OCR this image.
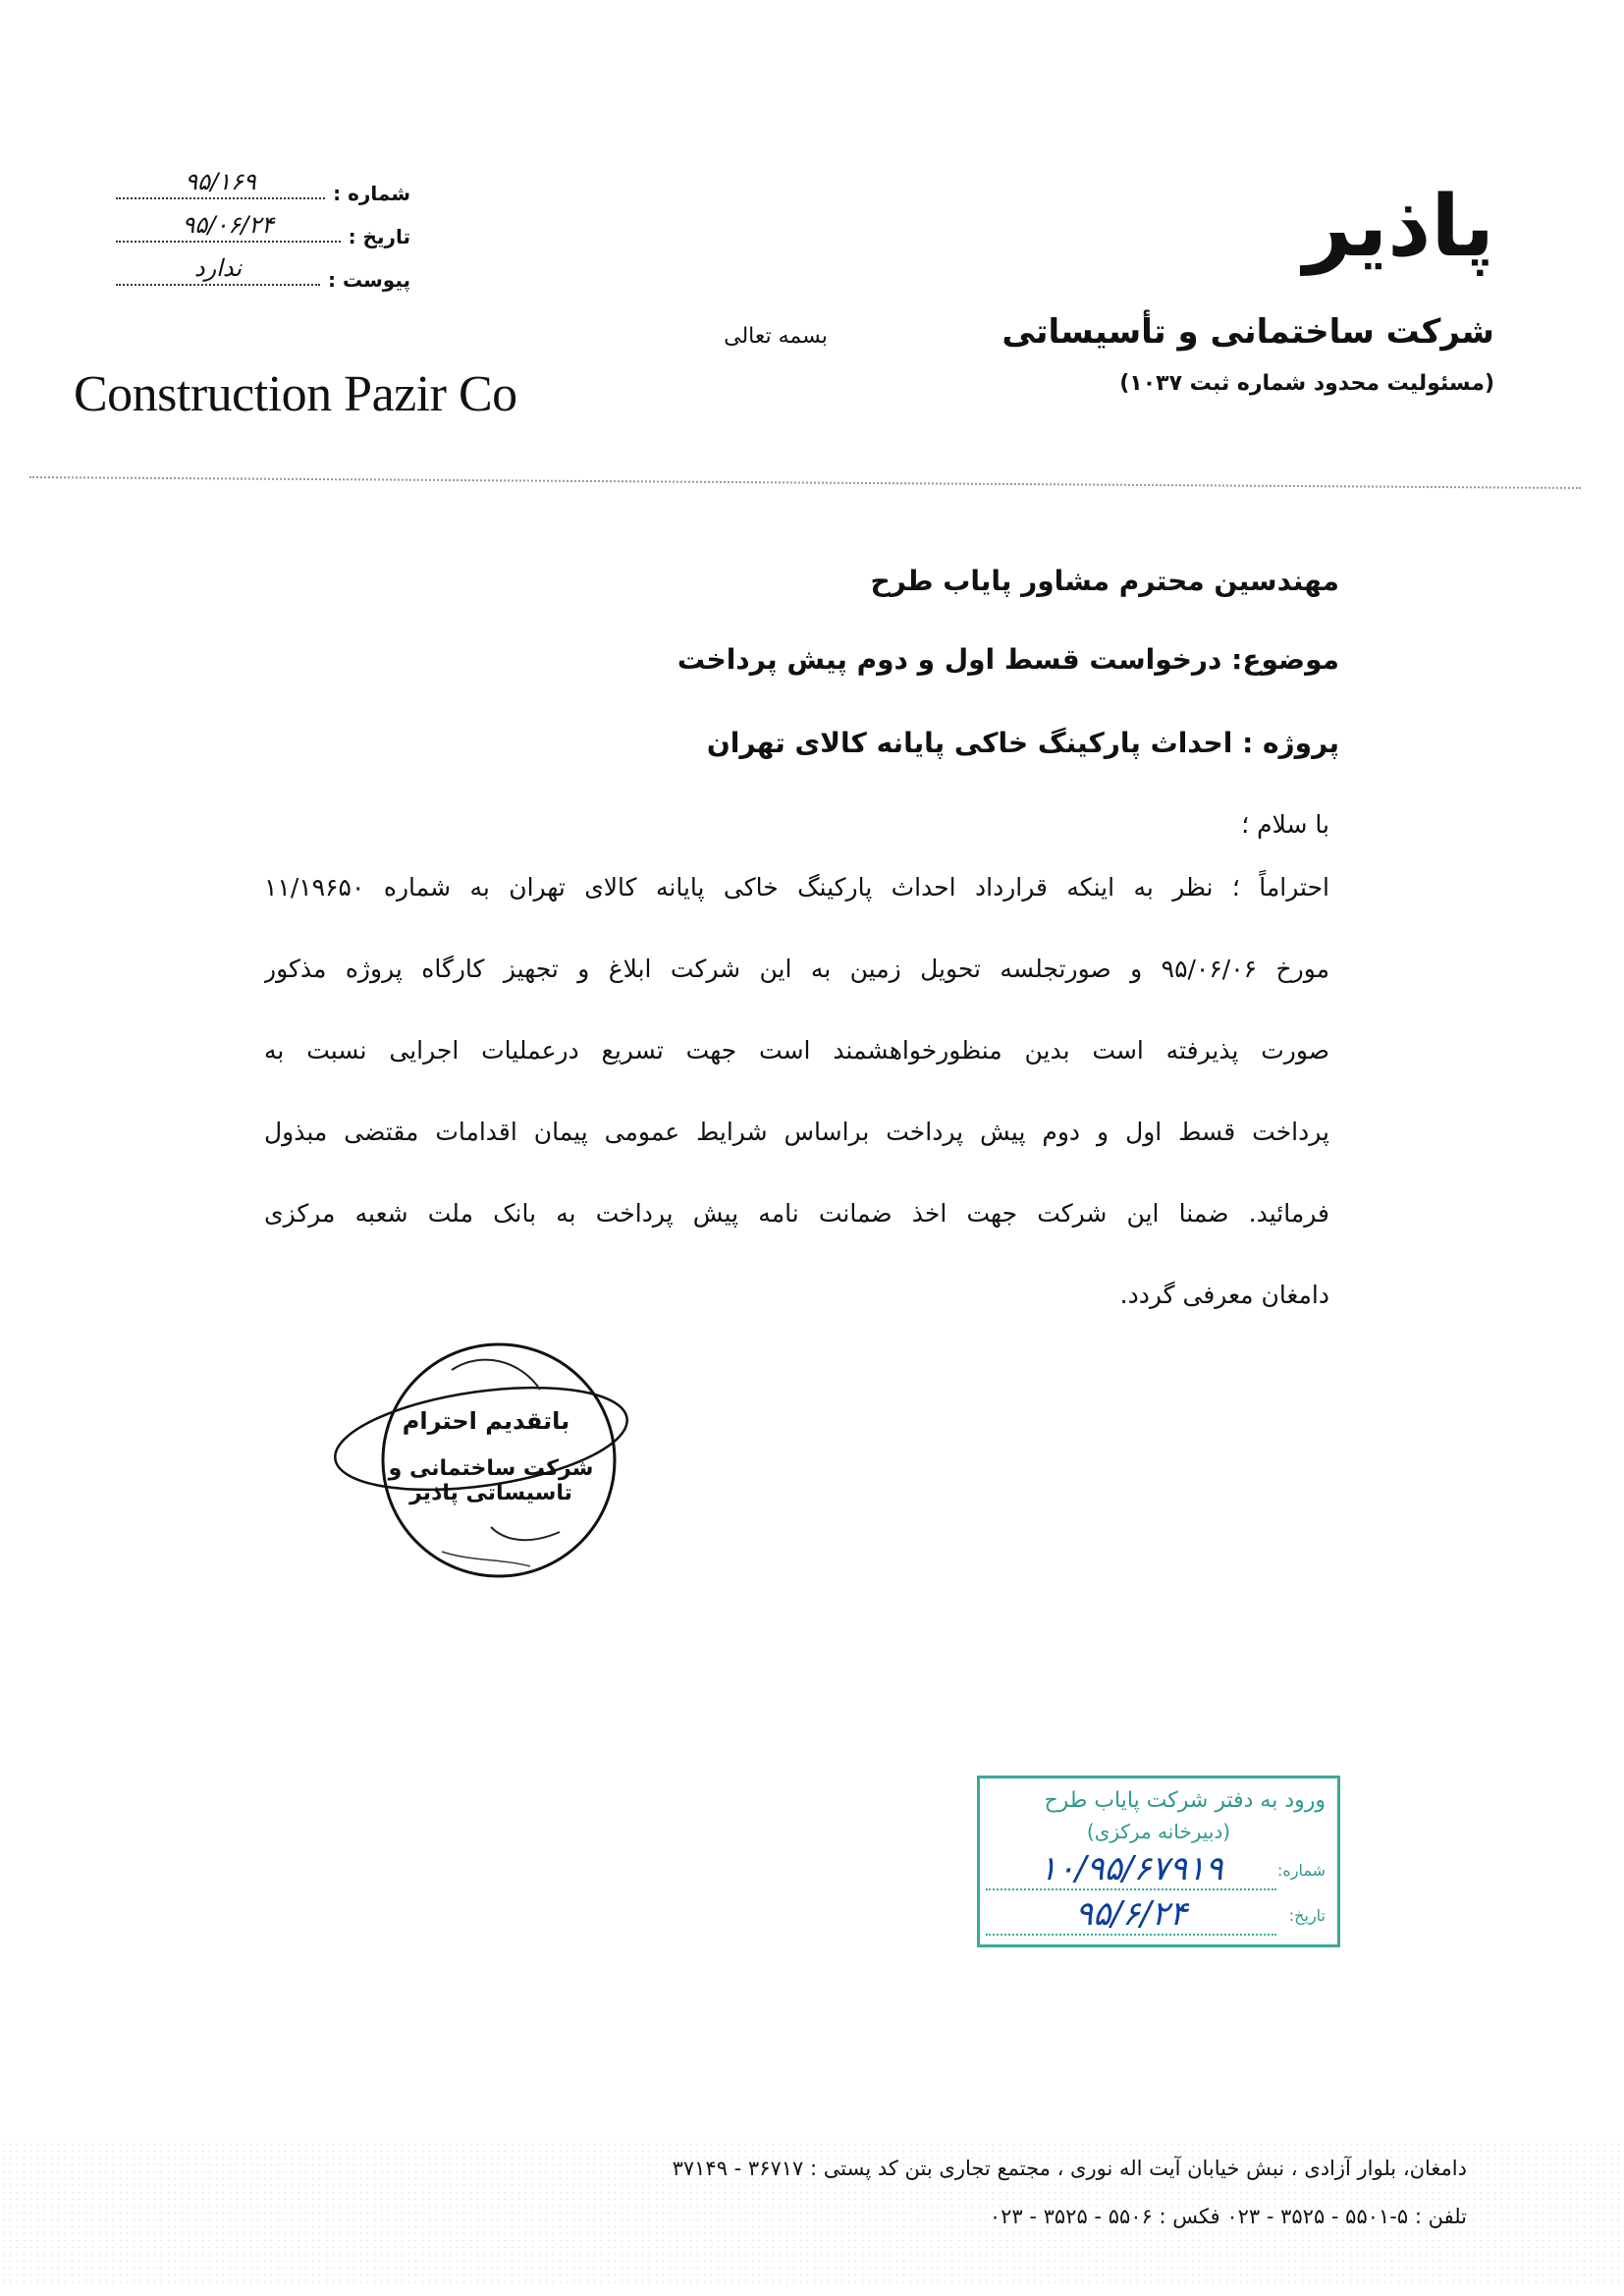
شماره :
۹۵/۱۶۹
تاریخ :
۹۵/۰۶/۲۴
پیوست :
ندارد
بسمه تعالی
Construction Pazir Co
پاذیر
شرکت ساختمانی و تأسیساتی
(مسئولیت محدود شماره ثبت ۱۰۳۷)
مهندسین محترم مشاور پایاب طرح
موضوع: درخواست قسط اول و دوم پیش پرداخت
پروژه : احداث پارکینگ خاکی پایانه کالای تهران
با سلام ؛
احتراماً ؛ نظر به اینکه قرارداد احداث پارکینگ خاکی پایانه کالای تهران به شماره ۱۱/۱۹۶۵۰
مورخ ۹۵/۰۶/۰۶ و صورتجلسه تحویل زمین به این شرکت ابلاغ و تجهیز کارگاه پروژه مذکور
صورت پذیرفته است بدین منظورخواهشمند است جهت تسریع درعملیات اجرایی نسبت به
پرداخت قسط اول و دوم پیش پرداخت براساس شرایط عمومی پیمان اقدامات مقتضی مبذول
فرمائید. ضمنا این شرکت جهت اخذ ضمانت نامه پیش پرداخت به بانک ملت شعبه مرکزی
دامغان معرفی گردد.
باتقدیم احترام
شرکت ساختمانی و تاسیساتی پاذیر
ورود به دفتر شرکت پایاب طرح
(دبیرخانه مرکزی)
شماره:
۱۰/۹۵/۶۷۹۱۹
تاریخ:
۹۵/۶/۲۴
دامغان، بلوار آزادی ، نبش خیابان آیت اله نوری ، مجتمع تجاری بتن کد پستی : ۳۶۷۱۷ - ۳۷۱۴۹
تلفن : ۵-۵۵۰۱ - ۳۵۲۵ - ۰۲۳ فکس : ۵۵۰۶ - ۳۵۲۵ - ۰۲۳
